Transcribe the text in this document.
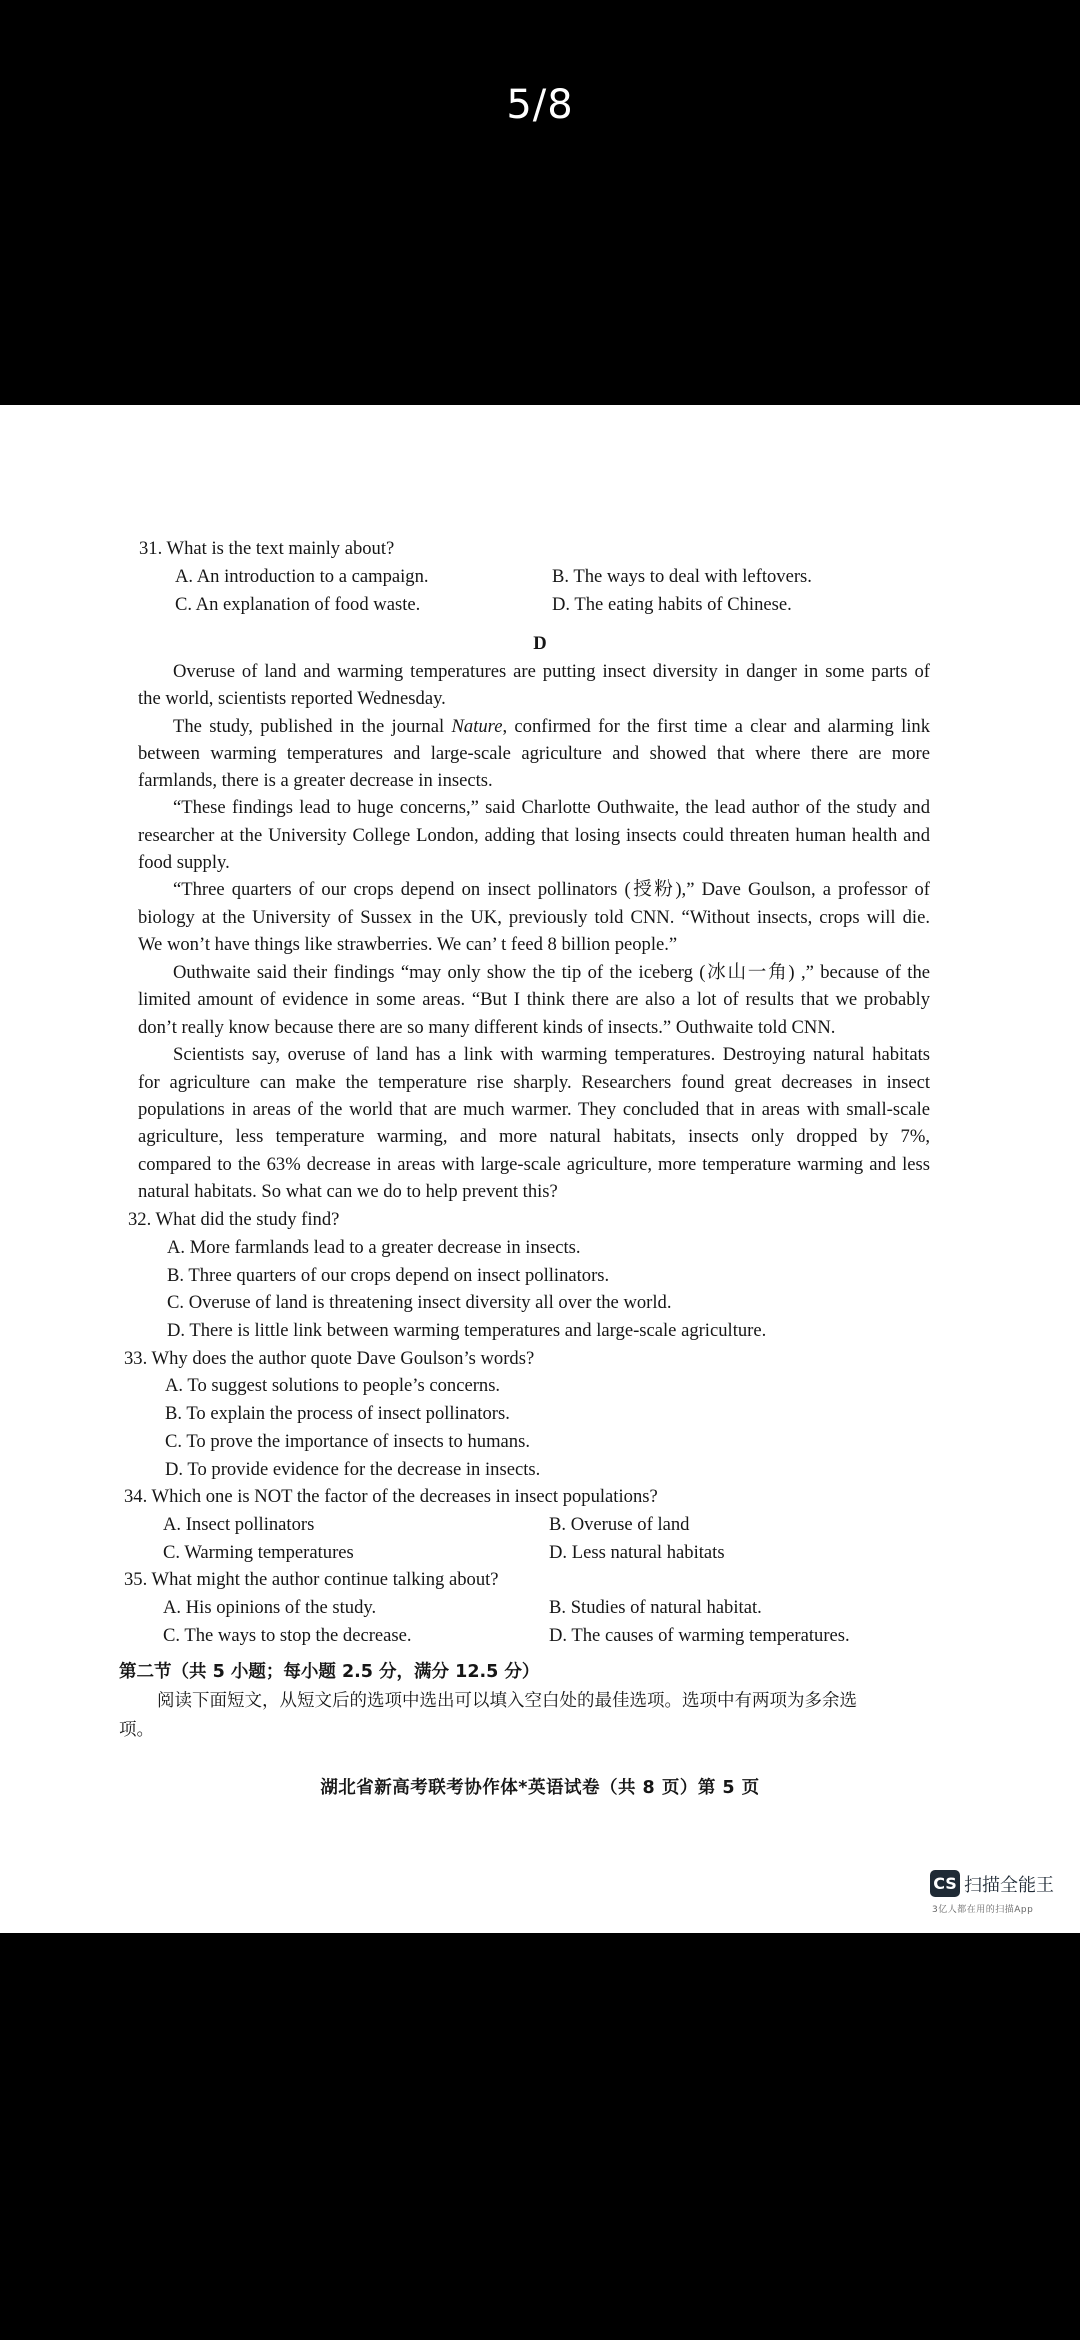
5/8
31. What is the text mainly about?
A. An introduction to a campaign.	B. The ways to deal with leftovers.
C. An explanation of food waste.	D. The eating habits of Chinese.
D
Overuse of land and warming temperatures are putting insect diversity in danger in some parts of
the world, scientists reported Wednesday.
The study, published in the journal Nature, confirmed for the first time a clear and alarming link
between warming temperatures and large-scale agriculture and showed that where there are more
farmlands, there is a greater decrease in insects.
“These findings lead to huge concerns,” said Charlotte Outhwaite, the lead author of the study and
researcher at the University College London, adding that losing insects could threaten human health and
food supply.
“Three quarters of our crops depend on insect pollinators (授粉),” Dave Goulson, a professor of
biology at the University of Sussex in the UK, previously told CNN. “Without insects, crops will die.
We won’t have things like strawberries. We can’ t feed 8 billion people.”
Outhwaite said their findings “may only show the tip of the iceberg (冰山一角) ,” because of the
limited amount of evidence in some areas. “But I think there are also a lot of results that we probably
don’t really know because there are so many different kinds of insects.” Outhwaite told CNN.
Scientists say, overuse of land has a link with warming temperatures. Destroying natural habitats
for agriculture can make the temperature rise sharply. Researchers found great decreases in insect
populations in areas of the world that are much warmer. They concluded that in areas with small-scale
agriculture, less temperature warming, and more natural habitats, insects only dropped by 7%,
compared to the 63% decrease in areas with large-scale agriculture, more temperature warming and less
natural habitats. So what can we do to help prevent this?
32. What did the study find?
A. More farmlands lead to a greater decrease in insects.
B. Three quarters of our crops depend on insect pollinators.
C. Overuse of land is threatening insect diversity all over the world.
D. There is little link between warming temperatures and large-scale agriculture.
33. Why does the author quote Dave Goulson’s words?
A. To suggest solutions to people’s concerns.
B. To explain the process of insect pollinators.
C. To prove the importance of insects to humans.
D. To provide evidence for the decrease in insects.
34. Which one is NOT the factor of the decreases in insect populations?
A. Insect pollinators	B. Overuse of land
C. Warming temperatures	D. Less natural habitats
35. What might the author continue talking about?
A. His opinions of the study.	B. Studies of natural habitat.
C. The ways to stop the decrease.	D. The causes of warming temperatures.
第二节（共 5 小题；每小题 2.5 分，满分 12.5 分）
阅读下面短文，从短文后的选项中选出可以填入空白处的最佳选项。选项中有两项为多余选
项。
湖北省新高考联考协作体*英语试卷（共 8 页）第 5 页
CS 扫描全能王
3亿人都在用的扫描App
